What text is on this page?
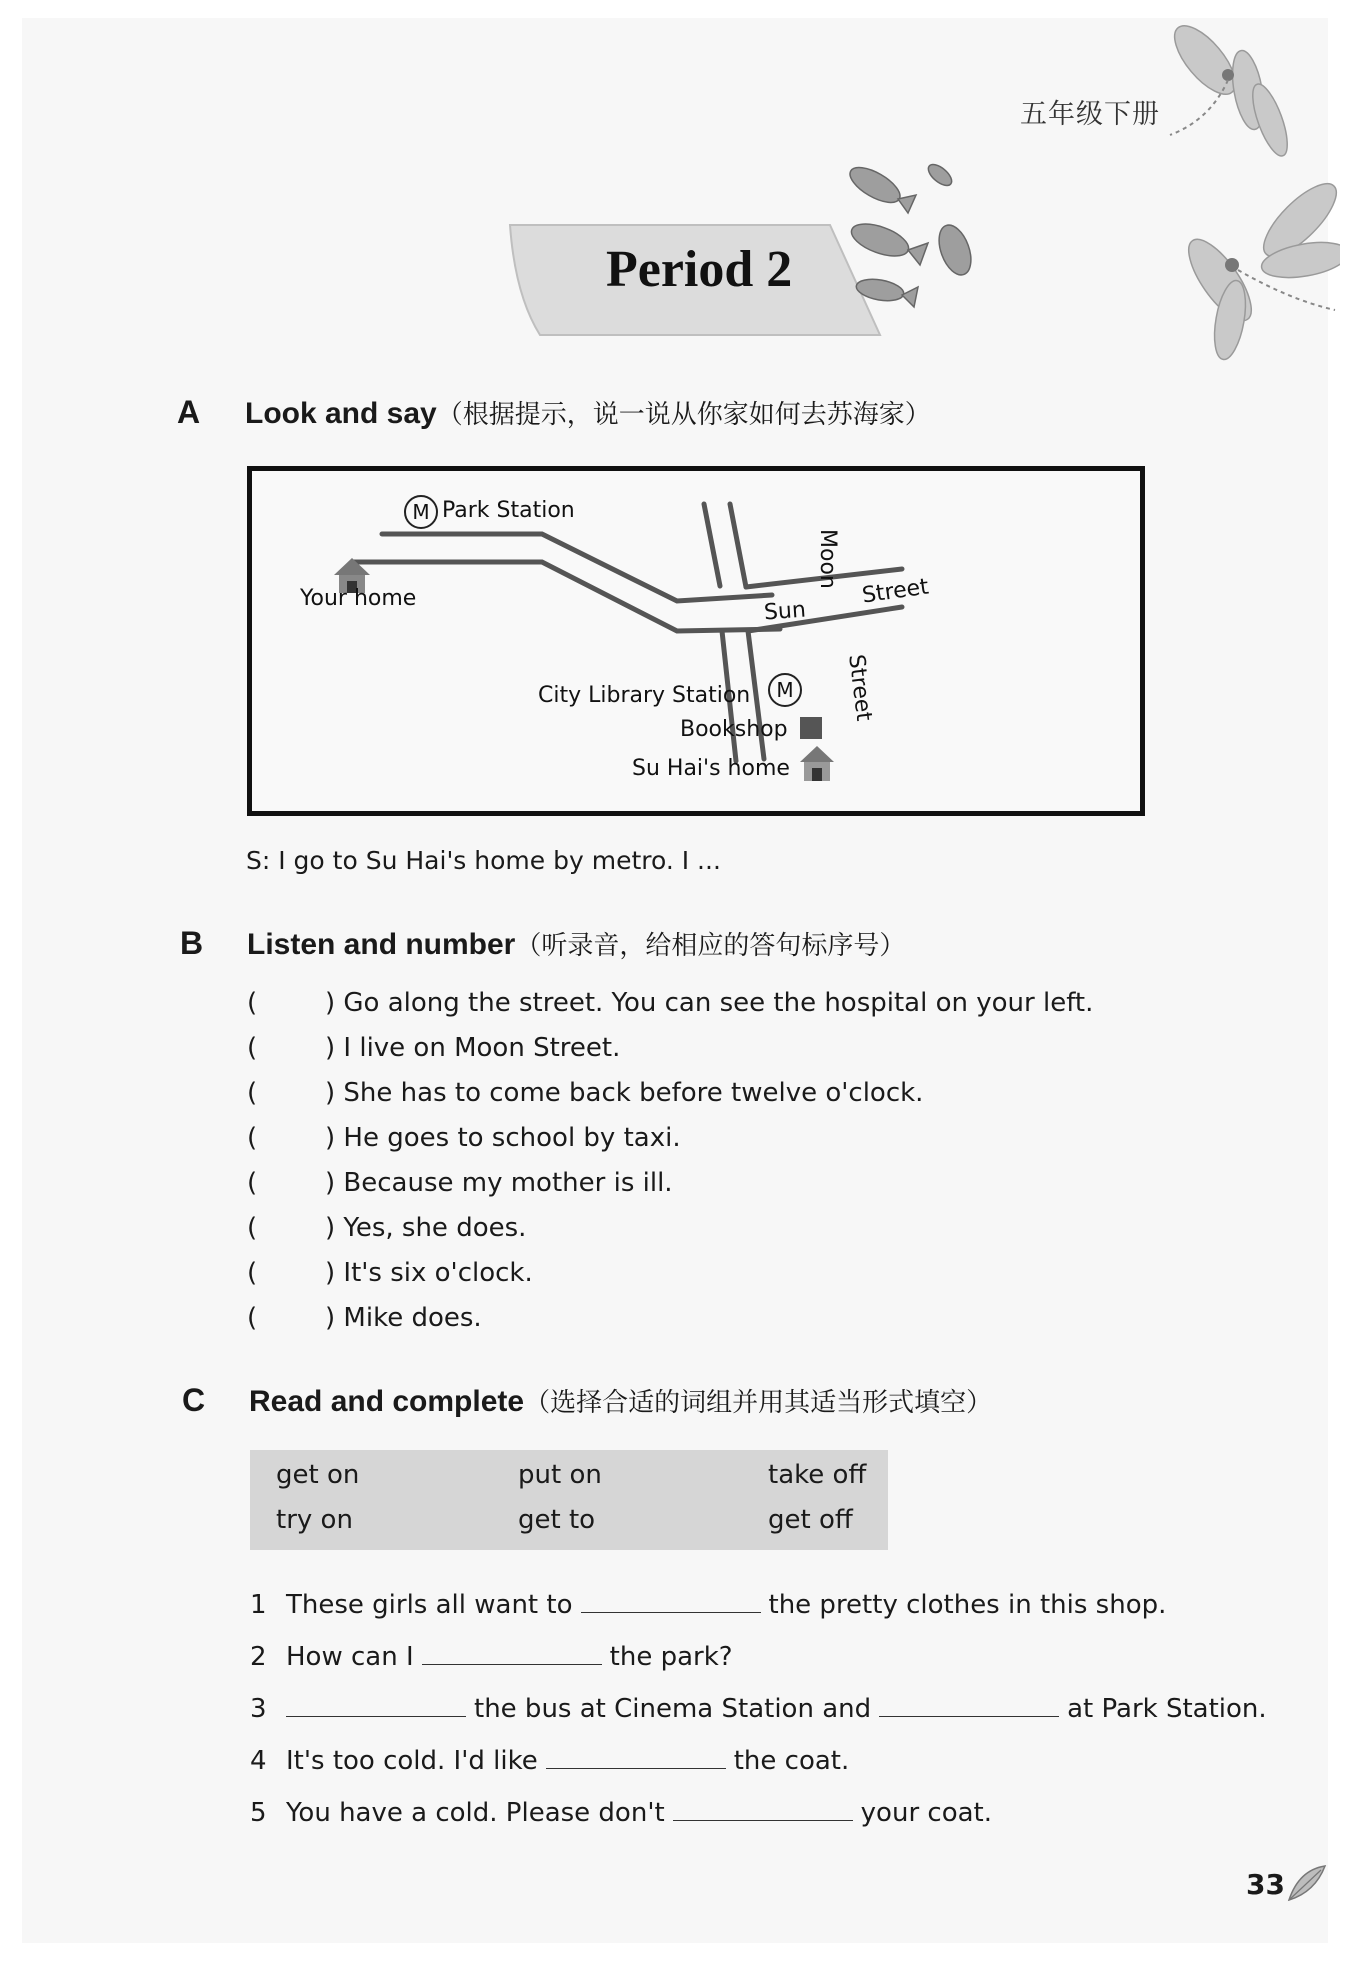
五年级下册
Period 2
A Look and say（根据提示，说一说从你家如何去苏海家）
M Park Station
Your home	Sun
Street
Moon
Street
City Library Station	M
Bookshop
Su Hai's home
S: I go to Su Hai's home by metro. I ...
B Listen and number（听录音，给相应的答句标序号）
(	) Go along the street. You can see the hospital on your left.
(	) I live on Moon Street.
(	) She has to come back before twelve o'clock.
(	) He goes to school by taxi.
(	) Because my mother is ill.
(	) Yes, she does.
(	) It's six o'clock.
(	) Mike does.
C Read and complete（选择合适的词组并用其适当形式填空）
get on	put on	take off
try on	get to	get off
1 These girls all want to	the pretty clothes in this shop.
2 How can I	the park?
3	the bus at Cinema Station and	at Park Station.
4 It's too cold. I'd like	the coat.
5 You have a cold. Please don't	your coat.
33
